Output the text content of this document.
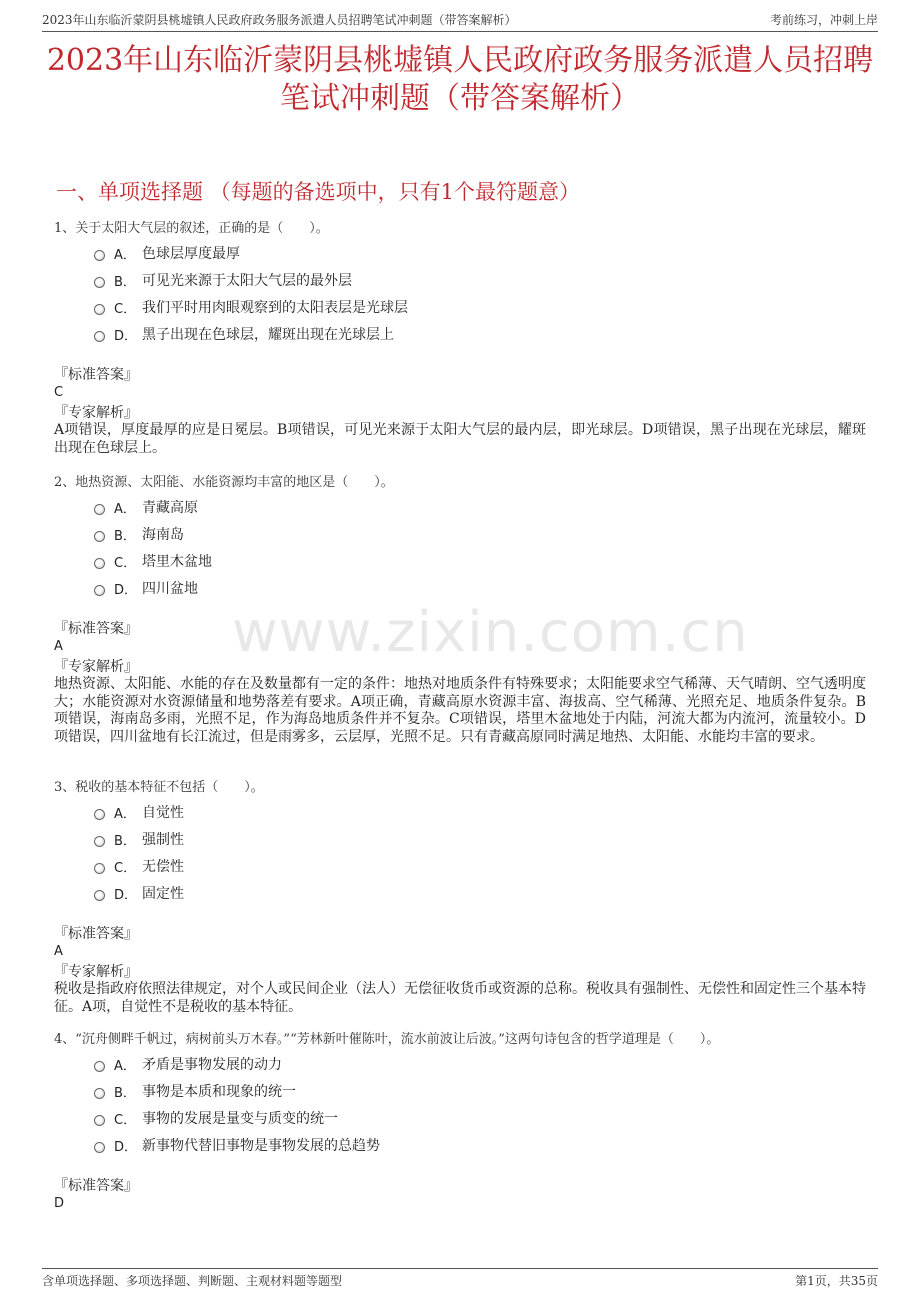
2023年山东临沂蒙阴县桃墟镇人民政府政务服务派遣人员招聘笔试冲刺题（带答案解析）	考前练习，冲刺上岸
2023年山东临沂蒙阴县桃墟镇人民政府政务服务派遣人员招聘笔试冲刺题（带答案解析）
一、单项选择题 （每题的备选项中，只有1个最符题意）
www.zixin.com.cn

1、关于太阳大气层的叙述，正确的是（　　）。

A． 色球层厚度最厚
B． 可见光来源于太阳大气层的最外层
C． 我们平时用肉眼观察到的太阳表层是光球层
D． 黑子出现在色球层，耀斑出现在光球层上
『标准答案』
C
『专家解析』
A项错误，厚度最厚的应是日冕层。B项错误，可见光来源于太阳大气层的最内层，即光球层。D项错误，黑子出现在光球层，耀斑出现在色球层上。

2、地热资源、太阳能、水能资源均丰富的地区是（　　）。

A． 青藏高原
B． 海南岛
C． 塔里木盆地
D． 四川盆地
『标准答案』
A
『专家解析』
地热资源、太阳能、水能的存在及数量都有一定的条件：地热对地质条件有特殊要求；太阳能要求空气稀薄、天气晴朗、空气透明度大；水能资源对水资源储量和地势落差有要求。A项正确，青藏高原水资源丰富、海拔高、空气稀薄、光照充足、地质条件复杂。B项错误，海南岛多雨，光照不足，作为海岛地质条件并不复杂。C项错误，塔里木盆地处于内陆，河流大都为内流河，流量较小。D项错误，四川盆地有长江流过，但是雨雾多，云层厚，光照不足。只有青藏高原同时满足地热、太阳能、水能均丰富的要求。

3、税收的基本特征不包括（　　）。

A． 自觉性
B． 强制性
C． 无偿性
D． 固定性
『标准答案』
A
『专家解析』
税收是指政府依照法律规定，对个人或民间企业（法人）无偿征收货币或资源的总称。税收具有强制性、无偿性和固定性三个基本特征。A项，自觉性不是税收的基本特征。

4、“沉舟侧畔千帆过，病树前头万木春。”“芳林新叶催陈叶，流水前波让后波。”这两句诗包含的哲学道理是（　　）。

A． 矛盾是事物发展的动力
B． 事物是本质和现象的统一
C． 事物的发展是量变与质变的统一
D． 新事物代替旧事物是事物发展的总趋势
『标准答案』
D
含单项选择题、多项选择题、判断题、主观材料题等题型	第1页，共35页
